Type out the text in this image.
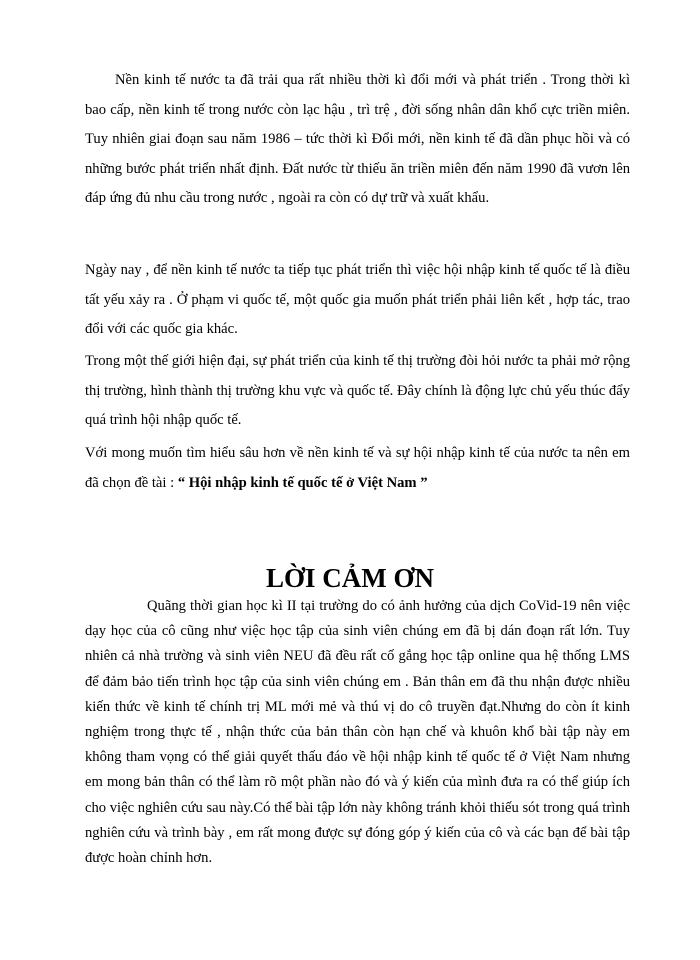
Nền kinh tế nước ta đã trải qua rất nhiều thời kì đổi mới và phát triển . Trong thời kì bao cấp, nền kinh tế trong nước còn lạc hậu , trì trệ , đời sống nhân dân khổ cực triền miên. Tuy nhiên giai đoạn sau năm 1986 – tức thời kì Đổi mới, nền kinh tế đã dần phục hồi và có những bước phát triển nhất định. Đất nước từ thiếu ăn triền miên đến năm 1990 đã vươn lên đáp ứng đủ nhu cầu trong nước , ngoài ra còn có dự trữ và xuất khẩu.

Ngày nay , để nền kinh tế nước ta tiếp tục phát triển thì việc hội nhập kinh tế quốc tế là điều tất yếu xảy ra . Ở phạm vi quốc tế, một quốc gia muốn phát triển phải liên kết , hợp tác, trao đổi với các quốc gia khác.

Trong một thế giới hiện đại, sự phát triển của kinh tế thị trường đòi hỏi nước ta phải mở rộng thị trường, hình thành thị trường khu vực và quốc tế. Đây chính là động lực chủ yếu thúc đẩy quá trình hội nhập quốc tế.

Với mong muốn tìm hiểu sâu hơn về nền kinh tế và sự hội nhập kinh tế của nước ta nên em đã chọn đề tài : “ Hội nhập kinh tế quốc tế ở Việt Nam ”

LỜI CẢM ƠN

Quãng thời gian học kì II tại trường do có ảnh hưởng của dịch CoVid-19 nên việc dạy học của cô cũng như việc học tập của sinh viên chúng em đã bị dán đoạn rất lớn. Tuy nhiên cả nhà trường và sinh viên NEU đã đều rất cố gắng học tập online qua hệ thống LMS để đảm bảo tiến trình học tập của sinh viên chúng em . Bản thân em đã thu nhận được nhiều kiến thức về kinh tế chính trị ML mới mẻ và thú vị do cô truyền đạt.Nhưng do còn ít kinh nghiệm trong thực tế , nhận thức của bản thân còn hạn chế và khuôn khổ bài tập này em không tham vọng có thể giải quyết thấu đáo về hội nhập kinh tế quốc tế ở Việt Nam nhưng em mong bản thân có thể làm rõ một phần nào đó và ý kiến của mình đưa ra có thể giúp ích cho việc nghiên cứu sau này.Có thể bài tập lớn này không tránh khỏi thiếu sót trong quá trình nghiên cứu và trình bày , em rất mong được sự đóng góp ý kiến của cô và các bạn để bài tập được hoàn chỉnh hơn.
